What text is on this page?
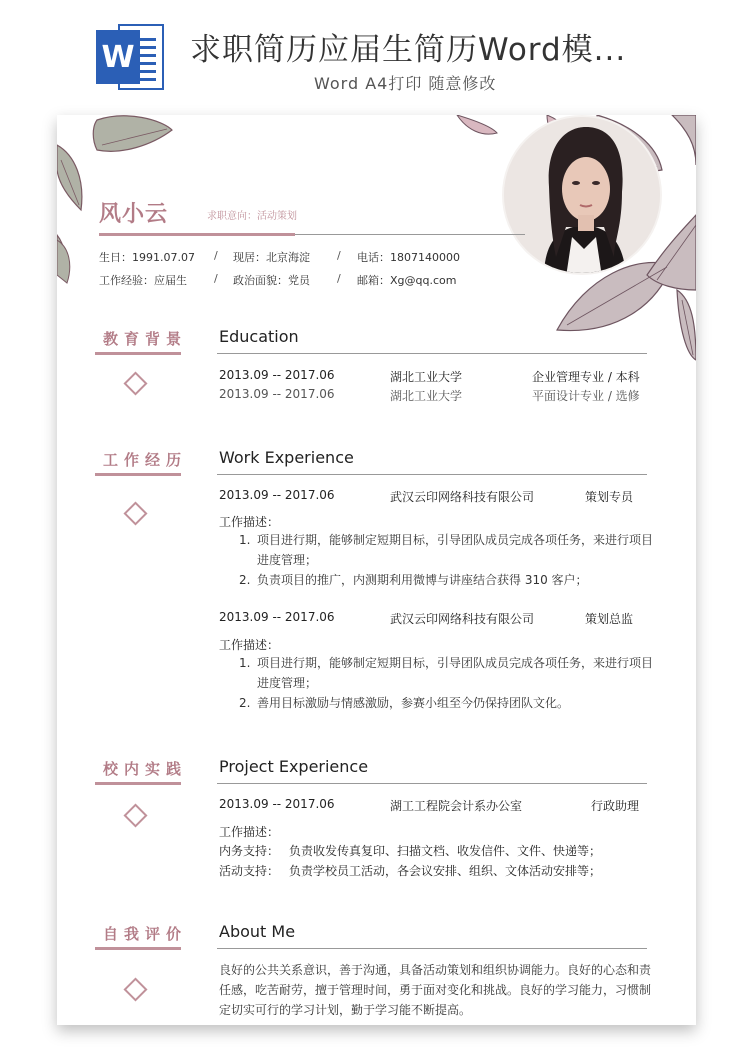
W 求职简历应届生简历Word模...
Word A4打印 随意修改
风小云	求职意向：活动策划
生日：1991.07.07 / 现居：北京海淀 / 电话：1807140000
工作经验：应届生 / 政治面貌：党员 / 邮箱：Xg@qq.com
教育背景	Education
2013.09 -- 2017.06	湖北工业大学	企业管理专业 / 本科
2013.09 -- 2017.06	湖北工业大学	平面设计专业 / 选修
工作经历	Work Experience
2013.09 -- 2017.06	武汉云印网络科技有限公司	策划专员
工作描述：
1. 项目进行期，能够制定短期目标，引导团队成员完成各项任务，来进行项目
进度管理；
2. 负责项目的推广，内测期利用微博与讲座结合获得 310 客户；
2013.09 -- 2017.06	武汉云印网络科技有限公司	策划总监
工作描述：
1. 项目进行期，能够制定短期目标，引导团队成员完成各项任务，来进行项目
进度管理；
2. 善用目标激励与情感激励，参赛小组至今仍保持团队文化。
校内实践	Project Experience
2013.09 -- 2017.06	湖工工程院会计系办公室	行政助理
工作描述：
内务支持： 负责收发传真复印、扫描文档、收发信件、文件、快递等；
活动支持： 负责学校员工活动，各会议安排、组织、文体活动安排等；
自我评价	About Me
良好的公共关系意识，善于沟通，具备活动策划和组织协调能力。良好的心态和责
任感，吃苦耐劳，擅于管理时间，勇于面对变化和挑战。良好的学习能力，习惯制
定切实可行的学习计划，勤于学习能不断提高。
